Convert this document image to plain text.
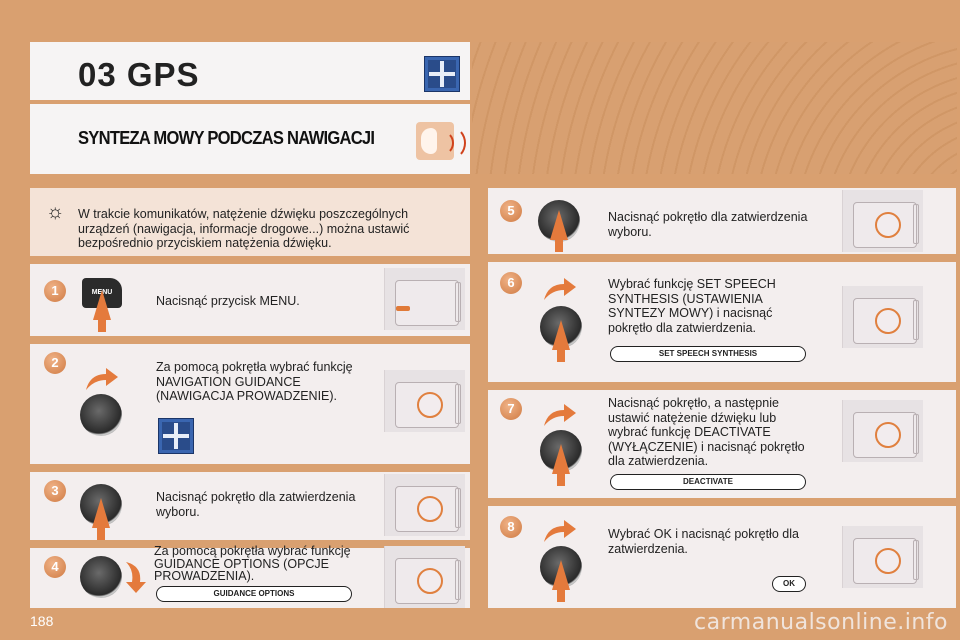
03 GPS
SYNTEZA MOWY PODCZAS NAWIGACJI
☼ W trakcie komunikatów, natężenie dźwięku poszczególnych urządzeń (nawigacja, informacje drogowe...) można ustawić bezpośrednio przyciskiem natężenia dźwięku.
1	MENU
Nacisnąć przycisk MENU.
2	Za pomocą pokrętła wybrać funkcję NAVIGATION GUIDANCE (NAWIGACJA PROWADZENIE).
3	Nacisnąć pokrętło dla zatwierdzenia wyboru.
4
Za pomocą pokrętła wybrać funkcję GUIDANCE OPTIONS (OPCJE PROWADZENIA).
GUIDANCE OPTIONS
5	Nacisnąć pokrętło dla zatwierdzenia wyboru.
6	Wybrać funkcję SET SPEECH SYNTHESIS (USTAWIENIA SYNTEZY MOWY) i nacisnąć pokrętło dla zatwierdzenia.
SET SPEECH SYNTHESIS
7	Nacisnąć pokrętło, a następnie ustawić natężenie dźwięku lub wybrać funkcję DEACTIVATE (WYŁĄCZENIE) i nacisnąć pokrętło dla zatwierdzenia.
DEACTIVATE
8	Wybrać OK i nacisnąć pokrętło dla zatwierdzenia.
OK
188	carmanualsonline.info
